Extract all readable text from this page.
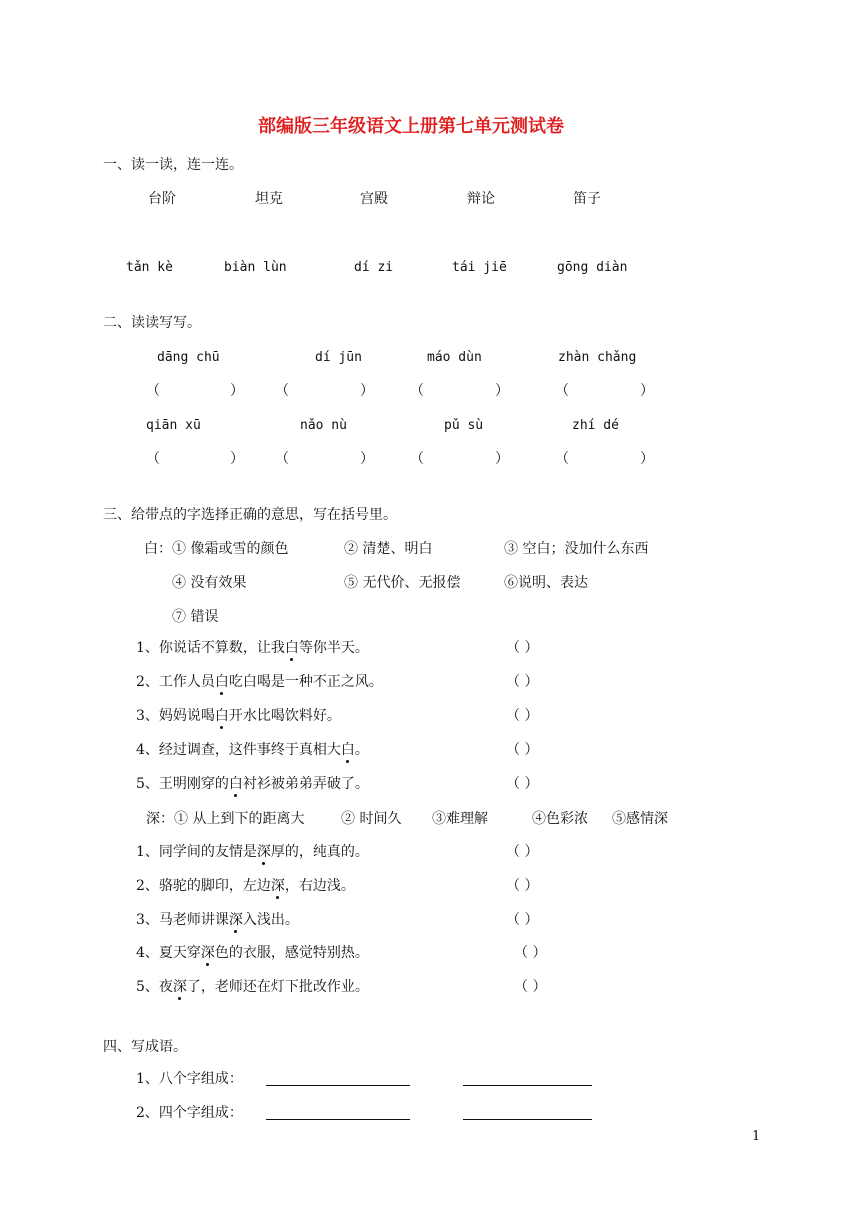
部编版三年级语文上册第七单元测试卷
一、读一读，连一连。
台阶	坦克	宫殿	辩论	笛子
tǎn kè	biàn lùn	dí zi	tái jiē	gōng diàn
二、读读写写。
dāng chū	dí jūn	máo dùn	zhàn chǎng
（	） （	）	（	）	（	）
qiān xū	nǎo nù	pǔ sù	zhí dé
（	） （	）	（	）	（	）
三、给带点的字选择正确的意思，写在括号里。
白：① 像霜或雪的颜色	② 清楚、明白	③ 空白；没加什么东西
④ 没有效果	⑤ 无代价、无报偿	⑥说明、表达
⑦ 错误
1、你说话不算数，让我白等你半天。
2、工作人员白吃白喝是一种不正之风。
3、妈妈说喝白开水比喝饮料好。
4、经过调查，这件事终于真相大白。
5、王明刚穿的白衬衫被弟弟弄破了。
（ ）
（ ）
（ ）
（ ）
（ ）
深：① 从上到下的距离大	② 时间久 ③难理解	④色彩浓 ⑤感情深
1、同学间的友情是深厚的，纯真的。
2、骆驼的脚印，左边深，右边浅。
3、马老师讲课深入浅出。
4、夏天穿深色的衣服，感觉特别热。
5、夜深了，老师还在灯下批改作业。
（ ）
（ ）
（ ）
（ ）
（ ）
四、写成语。
1、八个字组成：
2、四个字组成：
1
